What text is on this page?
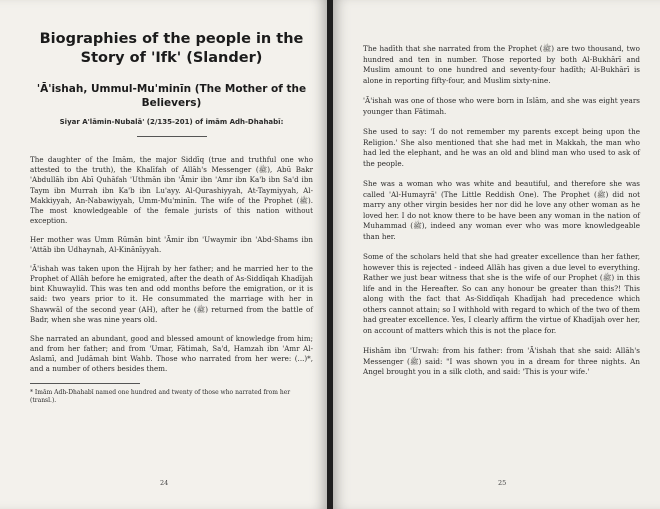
Biographies of the people in the Story of 'Ifk' (Slander)
'Ā'ishah, Ummul-Mu'minīn (The Mother of the Believers)
Siyar A'lāmin-Nubalā' (2/135-201) of imām Adh-Dhahabī:

The daughter of the Imām, the major Siddīq (true and truthful one who attested to the truth), the Khalīfah of Allāh's Messenger (ﷺ), Abū Bakr 'Abdullāh ibn Abī Quhāfah 'Uthmān ibn 'Āmir ibn 'Amr ibn Ka'b ibn Sa'd ibn Taym ibn Murrah ibn Ka'b ibn Lu'ayy. Al-Qurashiyyah, At-Taymiyyah, Al-Makkiyyah, An-Nabawiyyah, Umm-Mu'minīn. The wife of the Prophet (ﷺ). The most knowledgeable of the female jurists of this nation without exception.

Her mother was Umm Rūmān bint 'Āmir ibn 'Uwaymir ibn 'Abd-Shams ibn 'Attāb ibn Udhaynah, Al-Kinānīyyah.

'Ā'ishah was taken upon the Hijrah by her father; and he married her to the Prophet of Allāh before he emigrated, after the death of As-Siddīqah Khadījah bint Khuwaylid. This was ten and odd months before the emigration, or it is said: two years prior to it. He consummated the marriage with her in Shawwāl of the second year (AH), after he (ﷺ) returned from the battle of Badr, when she was nine years old.

She narrated an abundant, good and blessed amount of knowledge from him; and from her father; and from 'Umar, Fātimah, Sa'd, Hamzah ibn 'Amr Al-Aslamī, and Judāmah bint Wahb. Those who narrated from her were: (...)*, and a number of others besides them.

* Imām Adh-Dhahabī named one hundred and twenty of those who narrated from her (transl.).

24

The hadīth that she narrated from the Prophet (ﷺ) are two thousand, two hundred and ten in number. Those reported by both Al-Bukhārī and Muslim amount to one hundred and seventy-four hadīth; Al-Bukhārī is alone in reporting fifty-four, and Muslim sixty-nine.

'Ā'ishah was one of those who were born in Islām, and she was eight years younger than Fātimah.

She used to say: 'I do not remember my parents except being upon the Religion.' She also mentioned that she had met in Makkah, the man who had led the elephant, and he was an old and blind man who used to ask of the people.

She was a woman who was white and beautiful, and therefore she was called 'Al-Humayrā' (The Little Reddish One). The Prophet (ﷺ) did not marry any other virgin besides her nor did he love any other woman as he loved her. I do not know there to be have been any woman in the nation of Muhammad (ﷺ), indeed any woman ever who was more knowledgeable than her.

Some of the scholars held that she had greater excellence than her father, however this is rejected - indeed Allāh has given a due level to everything. Rather we just bear witness that she is the wife of our Prophet (ﷺ) in this life and in the Hereafter. So can any honour be greater than this?! This along with the fact that As-Siddīqah Khadījah had precedence which others cannot attain; so I withhold with regard to which of the two of them had greater excellence. Yes, I clearly affirm the virtue of Khadījah over her, on account of matters which this is not the place for.

Hishām ibn 'Urwah: from his father: from 'Ā'ishah that she said: Allāh's Messenger (ﷺ) said: "I was shown you in a dream for three nights. An Angel brought you in a silk cloth, and said: 'This is your wife.'

25
